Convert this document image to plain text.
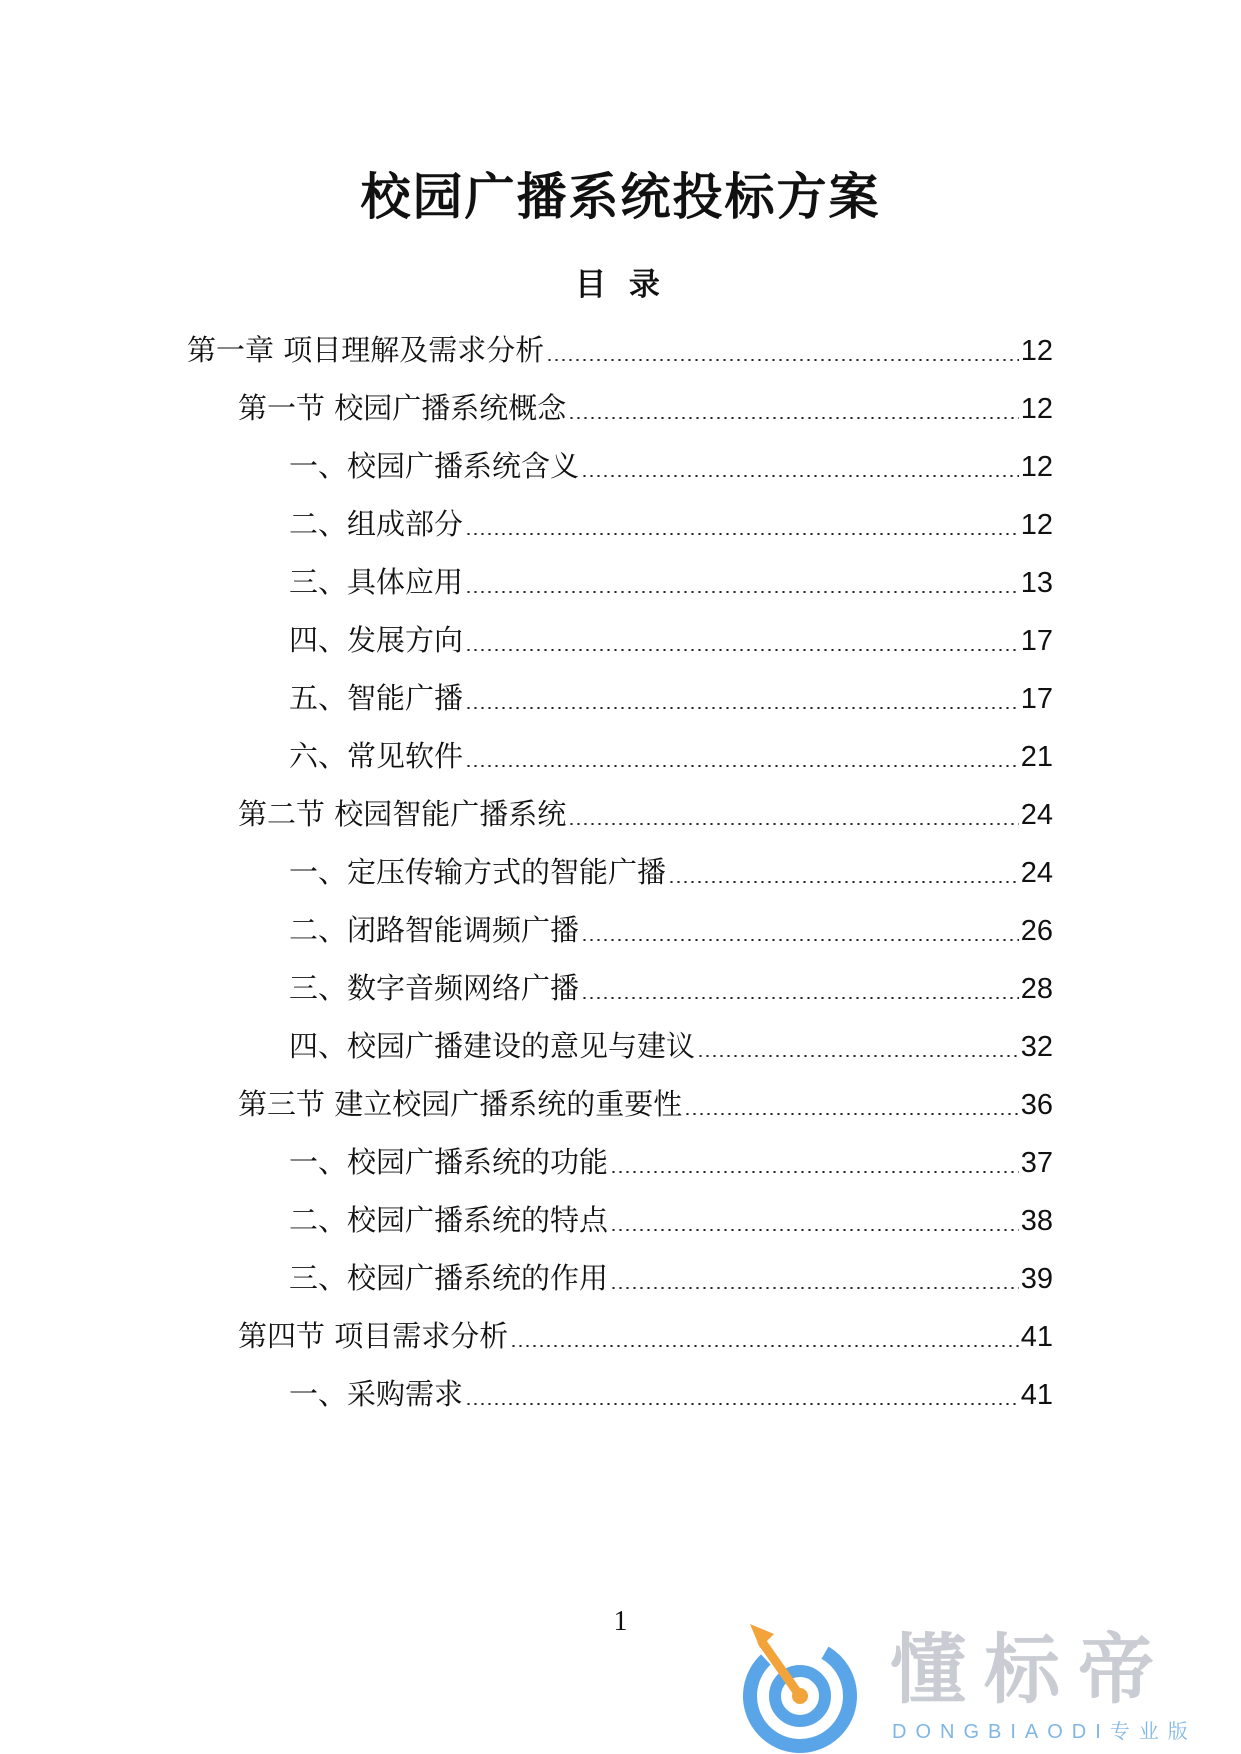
校园广播系统投标方案
目 录
第一章 项目理解及需求分析	12
第一节 校园广播系统概念	12
一、校园广播系统含义	12
二、组成部分	12
三、具体应用	13
四、发展方向	17
五、智能广播	17
六、常见软件	21
第二节 校园智能广播系统	24
一、定压传输方式的智能广播	24
二、闭路智能调频广播	26
三、数字音频网络广播	28
四、校园广播建设的意见与建议	32
第三节 建立校园广播系统的重要性	36
一、校园广播系统的功能	37
二、校园广播系统的特点	38
三、校园广播系统的作用	39
第四节 项目需求分析	41
一、采购需求	41
1
懂标帝
DONGBIAODI专业版
